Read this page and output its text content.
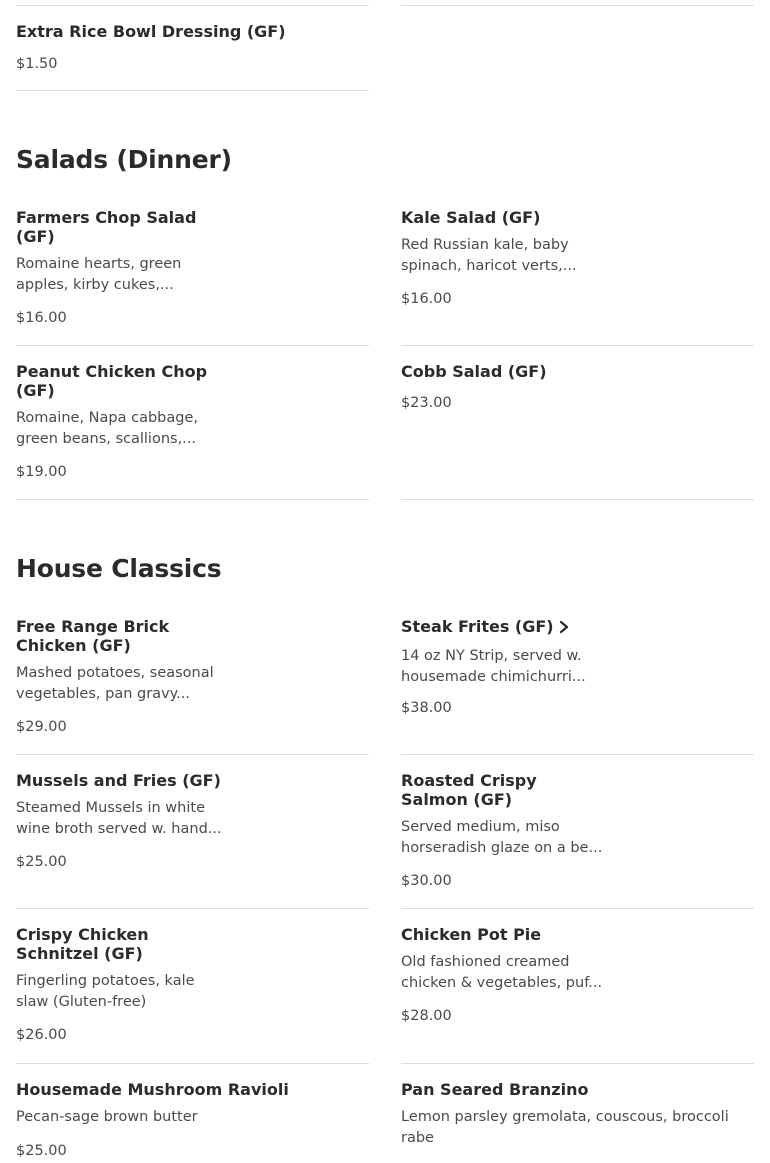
Extra Rice Bowl Dressing (GF)

$1.50
Salads (Dinner)

Farmers Chop Salad
(GF)

Romaine hearts, green
apples, kirby cukes,...

$16.00

Kale Salad (GF)

Red Russian kale, baby
spinach, haricot verts,...

$16.00

Peanut Chicken Chop
(GF)

Romaine, Napa cabbage,
green beans, scallions,...

$19.00

Cobb Salad (GF)

$23.00
House Classics

Free Range Brick
Chicken (GF)

Mashed potatoes, seasonal
vegetables, pan gravy...

$29.00

Steak Frites (GF)

14 oz NY Strip, served w.
housemade chimichurri...

$38.00

Mussels and Fries (GF)

Steamed Mussels in white
wine broth served w. hand...

$25.00

Roasted Crispy
Salmon (GF)

Served medium, miso
horseradish glaze on a be...

$30.00

Crispy Chicken
Schnitzel (GF)

Fingerling potatoes, kale
slaw (Gluten-free)

$26.00

Chicken Pot Pie

Old fashioned creamed
chicken & vegetables, puf...

$28.00

Housemade Mushroom Ravioli

Pecan-sage brown butter

$25.00

Pan Seared Branzino

Lemon parsley gremolata, couscous, broccoli
rabe
